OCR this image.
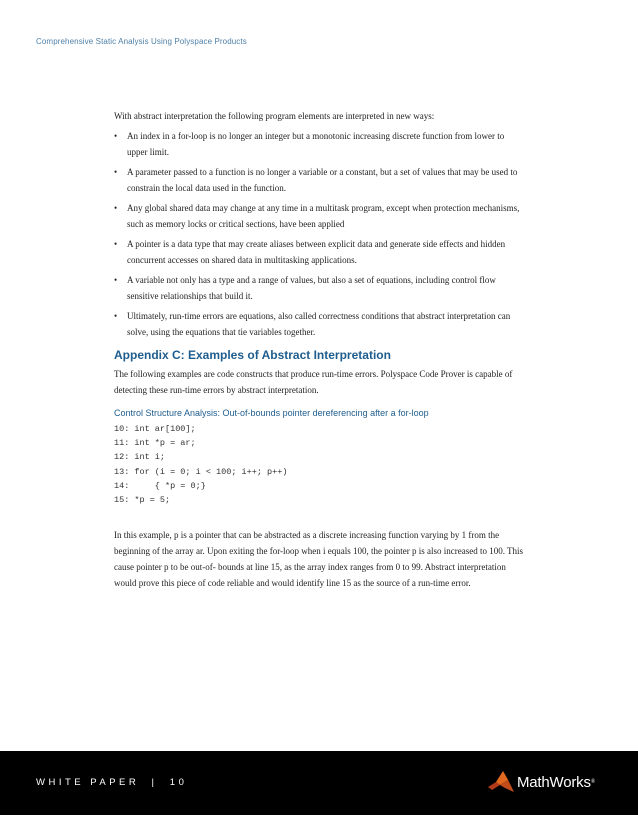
Comprehensive Static Analysis Using Polyspace Products

With abstract interpretation the following program elements are interpreted in new ways:

• An index in a for-loop is no longer an integer but a monotonic increasing discrete function from lower to upper limit.
• A parameter passed to a function is no longer a variable or a constant, but a set of values that may be used to constrain the local data used in the function.
• Any global shared data may change at any time in a multitask program, except when protection mechanisms, such as memory locks or critical sections, have been applied
• A pointer is a data type that may create aliases between explicit data and generate side effects and hidden concurrent accesses on shared data in multitasking applications.
• A variable not only has a type and a range of values, but also a set of equations, including control flow sensitive relationships that build it.
• Ultimately, run-time errors are equations, also called correctness conditions that abstract interpretation can solve, using the equations that tie variables together.
Appendix C: Examples of Abstract Interpretation

The following examples are code constructs that produce run-time errors. Polyspace Code Prover is capable of detecting these run-time errors by abstract interpretation.

Control Structure Analysis: Out-of-bounds pointer dereferencing after a for-loop
10: int ar[100];
11: int *p = ar;
12: int i;
13: for (i = 0; i < 100; i++; p++)
14:     { *p = 0;}
15: *p = 5;

In this example, p is a pointer that can be abstracted as a discrete increasing function varying by 1 from the beginning of the array ar. Upon exiting the for-loop when i equals 100, the pointer p is also increased to 100. This cause pointer p to be out-of- bounds at line 15, as the array index ranges from 0 to 99. Abstract interpretation would prove this piece of code reliable and would identify line 15 as the source of a run-time error.

WHITE PAPER | 10	MathWorks ®
